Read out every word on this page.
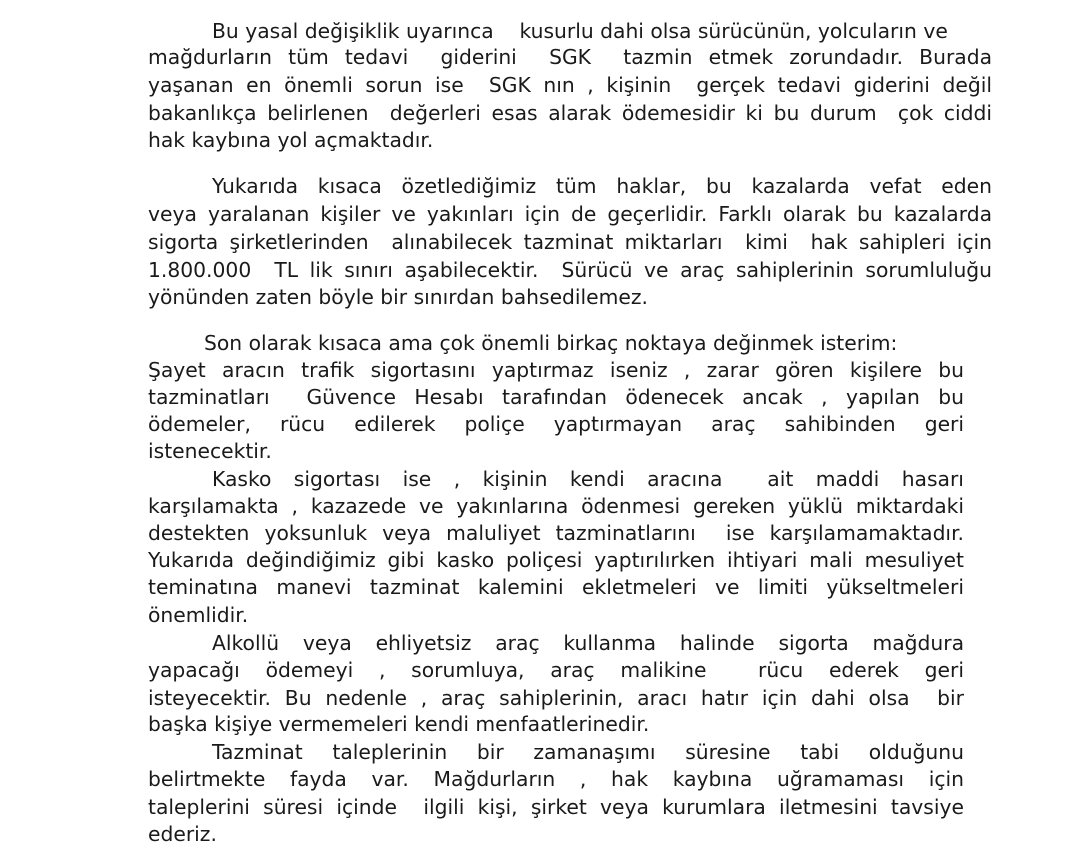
Bu yasal değişiklik uyarınca    kusurlu dahi olsa sürücünün, yolcuların ve
mağdurların tüm tedavi  giderini  SGK  tazmin etmek zorundadır. Burada
yaşanan en önemli sorun ise  SGK nın , kişinin  gerçek tedavi giderini değil
bakanlıkça belirlenen  değerleri esas alarak ödemesidir ki bu durum  çok ciddi
hak kaybına yol açmaktadır.
Yukarıda kısaca özetlediğimiz tüm haklar, bu kazalarda vefat eden
veya yaralanan kişiler ve yakınları için de geçerlidir. Farklı olarak bu kazalarda
sigorta şirketlerinden  alınabilecek tazminat miktarları  kimi  hak sahipleri için
1.800.000  TL lik sınırı aşabilecektir.  Sürücü ve araç sahiplerinin sorumluluğu
yönünden zaten böyle bir sınırdan bahsedilemez.
Son olarak kısaca ama çok önemli birkaç noktaya değinmek isterim:
Şayet aracın trafik sigortasını yaptırmaz iseniz , zarar gören kişilere bu
tazminatları  Güvence Hesabı tarafından ödenecek ancak , yapılan bu
ödemeler, rücu edilerek poliçe yaptırmayan araç sahibinden geri
istenecektir.
Kasko sigortası ise , kişinin kendi aracına  ait maddi hasarı
karşılamakta , kazazede ve yakınlarına ödenmesi gereken yüklü miktardaki
destekten yoksunluk veya maluliyet tazminatlarını  ise karşılamamaktadır.
Yukarıda değindiğimiz gibi kasko poliçesi yaptırılırken ihtiyari mali mesuliyet
teminatına manevi tazminat kalemini ekletmeleri ve limiti yükseltmeleri
önemlidir.
Alkollü veya ehliyetsiz araç kullanma halinde sigorta mağdura
yapacağı ödemeyi , sorumluya, araç malikine  rücu ederek geri
isteyecektir. Bu nedenle , araç sahiplerinin, aracı hatır için dahi olsa  bir
başka kişiye vermemeleri kendi menfaatlerinedir.
Tazminat taleplerinin bir zamanaşımı süresine tabi olduğunu
belirtmekte fayda var. Mağdurların , hak kaybına uğramaması için
taleplerini süresi içinde  ilgili kişi, şirket veya kurumlara iletmesini tavsiye
ederiz.
